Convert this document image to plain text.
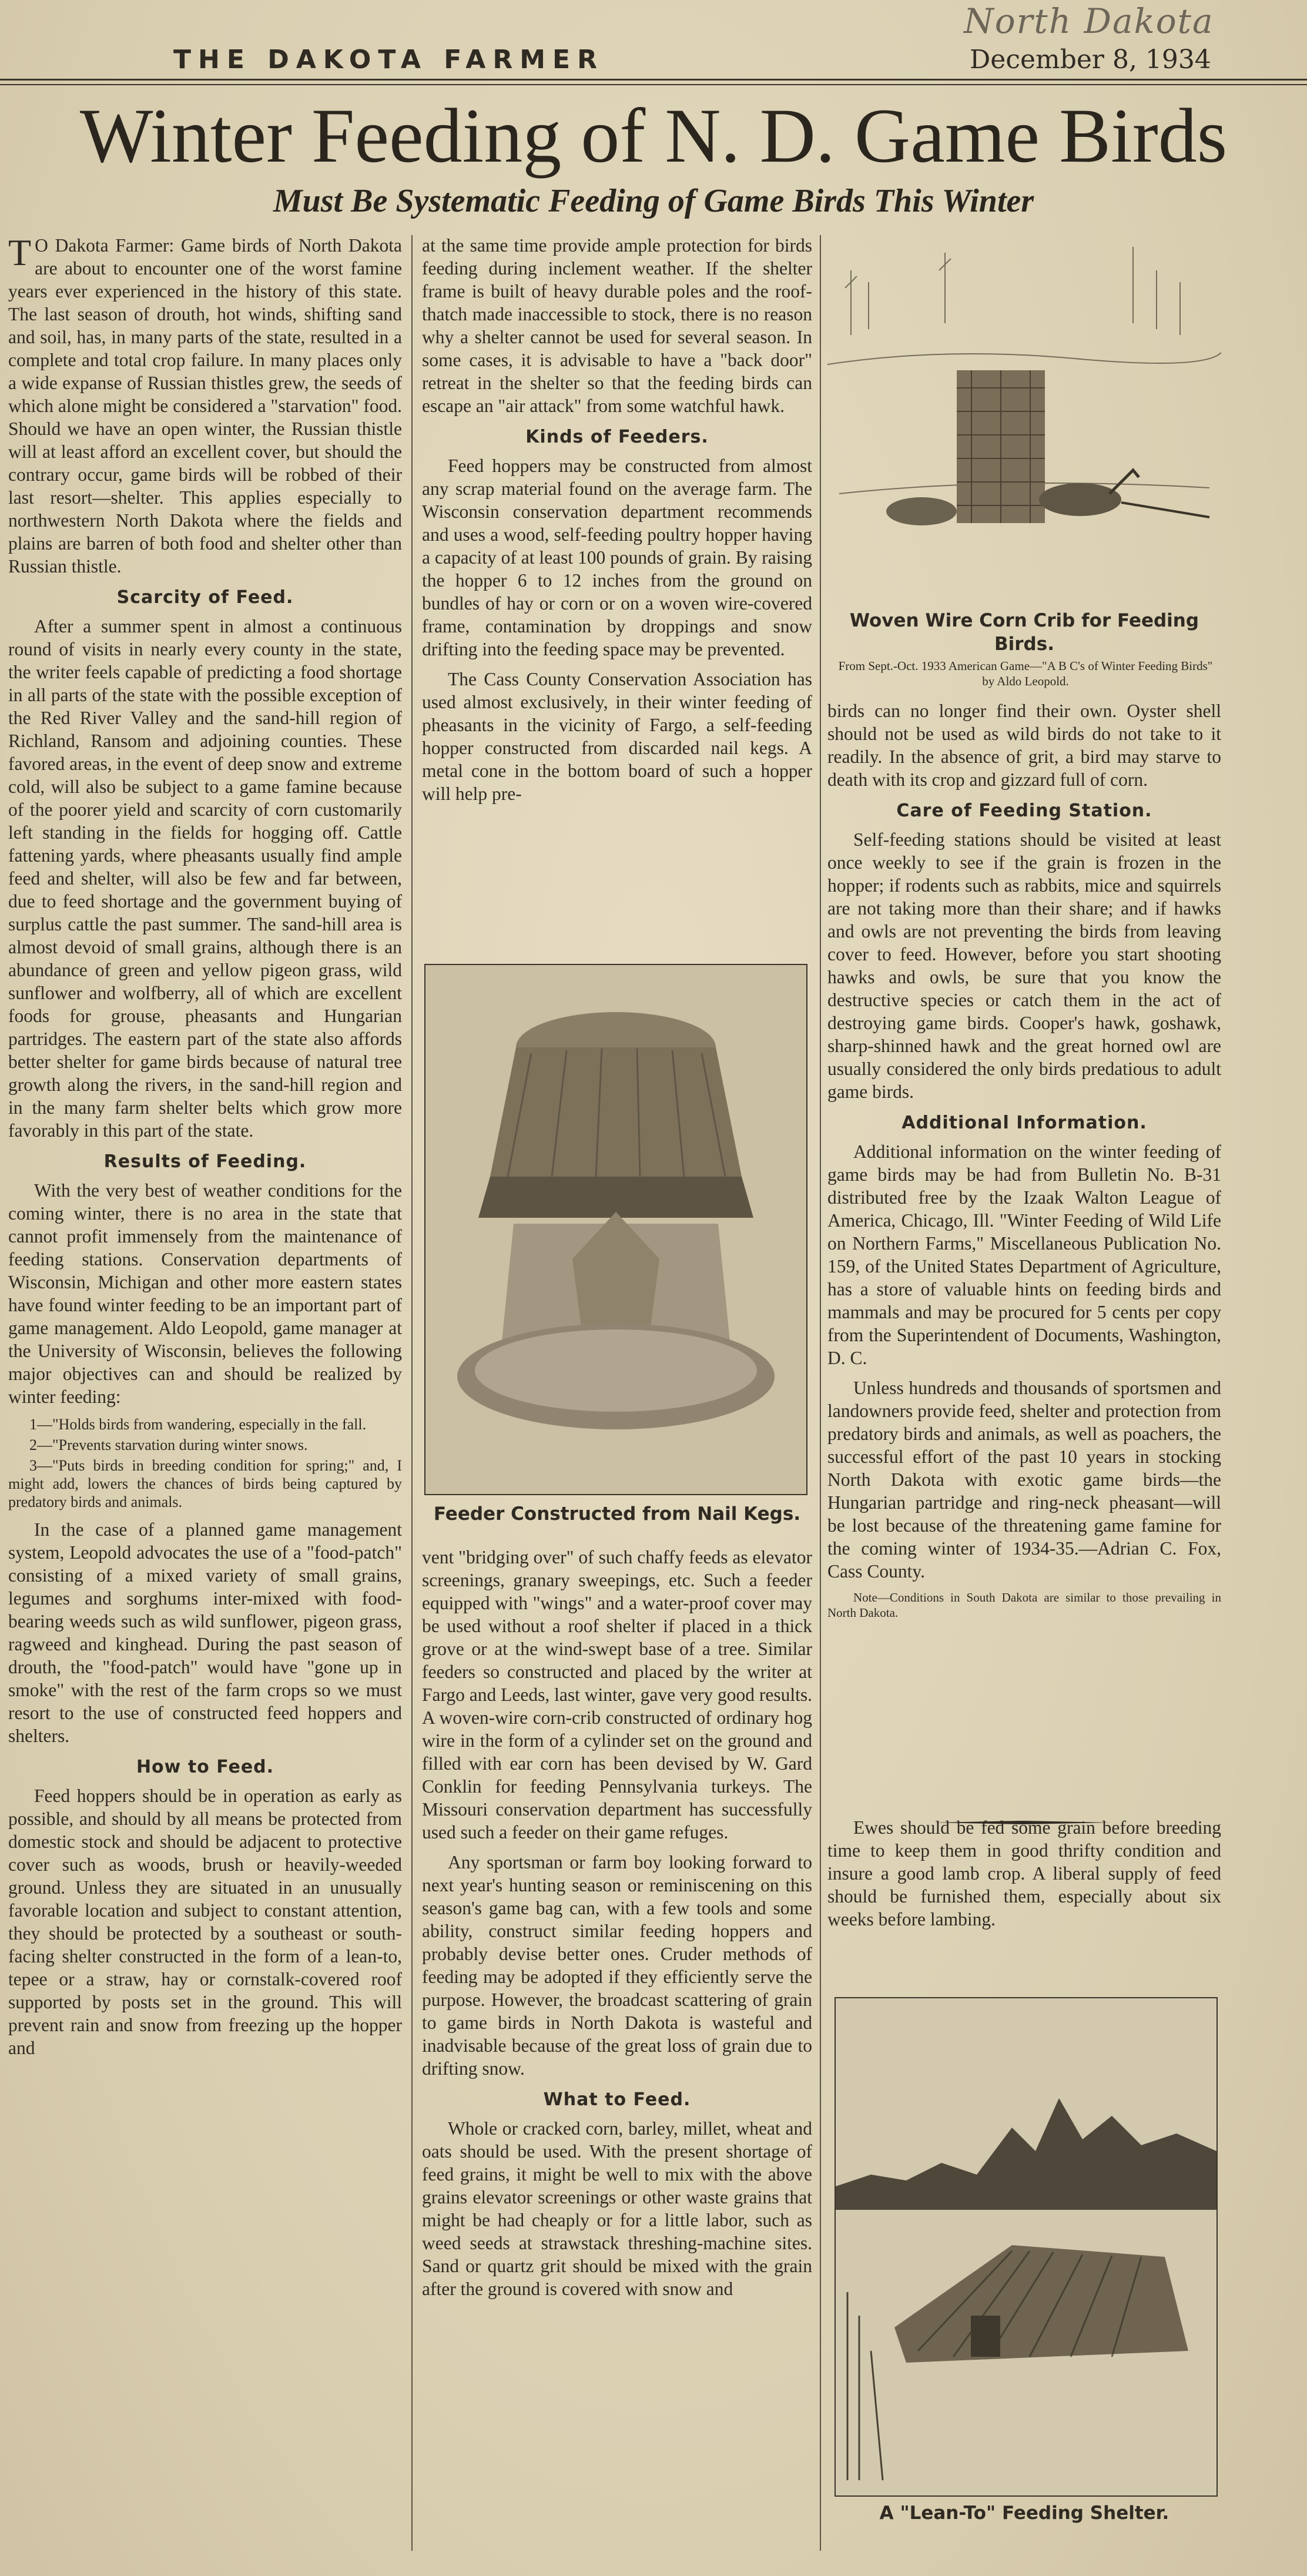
North Dakota
THE DAKOTA FARMER	December 8, 1934
Winter Feeding of N. D. Game Birds
Must Be Systematic Feeding of Game Birds This Winter

T O Dakota Farmer: Game birds of North Dakota are about to encounter one of the worst famine years ever experienced in the history of this state. The last season of drouth, hot winds, shifting sand and soil, has, in many parts of the state, resulted in a complete and total crop failure. In many places only a wide expanse of Russian thistles grew, the seeds of which alone might be considered a "starvation" food. Should we have an open winter, the Russian thistle will at least afford an excellent cover, but should the contrary occur, game birds will be robbed of their last resort—shelter. This applies especially to northwestern North Dakota where the fields and plains are barren of both food and shelter other than Russian thistle.

Scarcity of Feed.

After a summer spent in almost a continuous round of visits in nearly every county in the state, the writer feels capable of predicting a food shortage in all parts of the state with the possible exception of the Red River Valley and the sand-hill region of Richland, Ransom and adjoining counties. These favored areas, in the event of deep snow and extreme cold, will also be subject to a game famine because of the poorer yield and scarcity of corn customarily left standing in the fields for hogging off. Cattle fattening yards, where pheasants usually find ample feed and shelter, will also be few and far between, due to feed shortage and the government buying of surplus cattle the past summer. The sand-hill area is almost devoid of small grains, although there is an abundance of green and yellow pigeon grass, wild sunflower and wolfberry, all of which are excellent foods for grouse, pheasants and Hungarian partridges. The eastern part of the state also affords better shelter for game birds because of natural tree growth along the rivers, in the sand-hill region and in the many farm shelter belts which grow more favorably in this part of the state.

Results of Feeding.

With the very best of weather conditions for the coming winter, there is no area in the state that cannot profit immensely from the maintenance of feeding stations. Conservation departments of Wisconsin, Michigan and other more eastern states have found winter feeding to be an important part of game management. Aldo Leopold, game manager at the University of Wisconsin, believes the following major objectives can and should be realized by winter feeding:

1—"Holds birds from wandering, especially in the fall.
2—"Prevents starvation during winter snows.
3—"Puts birds in breeding condition for spring;" and, I might add, lowers the chances of birds being captured by predatory birds and animals.

In the case of a planned game management system, Leopold advocates the use of a "food-patch" consisting of a mixed variety of small grains, legumes and sorghums inter-mixed with food-bearing weeds such as wild sunflower, pigeon grass, ragweed and kinghead. During the past season of drouth, the "food-patch" would have "gone up in smoke" with the rest of the farm crops so we must resort to the use of constructed feed hoppers and shelters.

How to Feed.

Feed hoppers should be in operation as early as possible, and should by all means be protected from domestic stock and should be adjacent to protective cover such as woods, brush or heavily-weeded ground. Unless they are situated in an unusually favorable location and subject to constant attention, they should be protected by a southeast or south-facing shelter constructed in the form of a lean-to, tepee or a straw, hay or cornstalk-covered roof supported by posts set in the ground. This will prevent rain and snow from freezing up the hopper and

at the same time provide ample protection for birds feeding during inclement weather. If the shelter frame is built of heavy durable poles and the roof-thatch made inaccessible to stock, there is no reason why a shelter cannot be used for several season. In some cases, it is advisable to have a "back door" retreat in the shelter so that the feeding birds can escape an "air attack" from some watchful hawk.

Kinds of Feeders.

Feed hoppers may be constructed from almost any scrap material found on the average farm. The Wisconsin conservation department recommends and uses a wood, self-feeding poultry hopper having a capacity of at least 100 pounds of grain. By raising the hopper 6 to 12 inches from the ground on bundles of hay or corn or on a woven wire-covered frame, contamination by droppings and snow drifting into the feeding space may be prevented.

The Cass County Conservation Association has used almost exclusively, in their winter feeding of pheasants in the vicinity of Fargo, a self-feeding hopper constructed from discarded nail kegs. A metal cone in the bottom board of such a hopper will help pre-

Feeder Constructed from Nail Kegs.

vent "bridging over" of such chaffy feeds as elevator screenings, granary sweepings, etc. Such a feeder equipped with "wings" and a water-proof cover may be used without a roof shelter if placed in a thick grove or at the wind-swept base of a tree. Similar feeders so constructed and placed by the writer at Fargo and Leeds, last winter, gave very good results. A woven-wire corn-crib constructed of ordinary hog wire in the form of a cylinder set on the ground and filled with ear corn has been devised by W. Gard Conklin for feeding Pennsylvania turkeys. The Missouri conservation department has successfully used such a feeder on their game refuges.

Any sportsman or farm boy looking forward to next year's hunting season or reminiscening on this season's game bag can, with a few tools and some ability, construct similar feeding hoppers and probably devise better ones. Cruder methods of feeding may be adopted if they efficiently serve the purpose. However, the broadcast scattering of grain to game birds in North Dakota is wasteful and inadvisable because of the great loss of grain due to drifting snow.

What to Feed.

Whole or cracked corn, barley, millet, wheat and oats should be used. With the present shortage of feed grains, it might be well to mix with the above grains elevator screenings or other waste grains that might be had cheaply or for a little labor, such as weed seeds at strawstack threshing-machine sites. Sand or quartz grit should be mixed with the grain after the ground is covered with snow and

Woven Wire Corn Crib for Feeding Birds.
From Sept.-Oct. 1933 American Game—"A B C's of Winter Feeding Birds" by Aldo Leopold.

birds can no longer find their own. Oyster shell should not be used as wild birds do not take to it readily. In the absence of grit, a bird may starve to death with its crop and gizzard full of corn.

Care of Feeding Station.

Self-feeding stations should be visited at least once weekly to see if the grain is frozen in the hopper; if rodents such as rabbits, mice and squirrels are not taking more than their share; and if hawks and owls are not preventing the birds from leaving cover to feed. However, before you start shooting hawks and owls, be sure that you know the destructive species or catch them in the act of destroying game birds. Cooper's hawk, goshawk, sharp-shinned hawk and the great horned owl are usually considered the only birds predatious to adult game birds.

Additional Information.

Additional information on the winter feeding of game birds may be had from Bulletin No. B-31 distributed free by the Izaak Walton League of America, Chicago, Ill. "Winter Feeding of Wild Life on Northern Farms," Miscellaneous Publication No. 159, of the United States Department of Agriculture, has a store of valuable hints on feeding birds and mammals and may be procured for 5 cents per copy from the Superintendent of Documents, Washington, D. C.

Unless hundreds and thousands of sportsmen and landowners provide feed, shelter and protection from predatory birds and animals, as well as poachers, the successful effort of the past 10 years in stocking North Dakota with exotic game birds—the Hungarian partridge and ring-neck pheasant—will be lost because of the threatening game famine for the coming winter of 1934-35.—Adrian C. Fox, Cass County.

Note—Conditions in South Dakota are similar to those prevailing in North Dakota.

Ewes should be fed some grain before breeding time to keep them in good thrifty condition and insure a good lamb crop. A liberal supply of feed should be furnished them, especially about six weeks before lambing.

A "Lean-To" Feeding Shelter.
